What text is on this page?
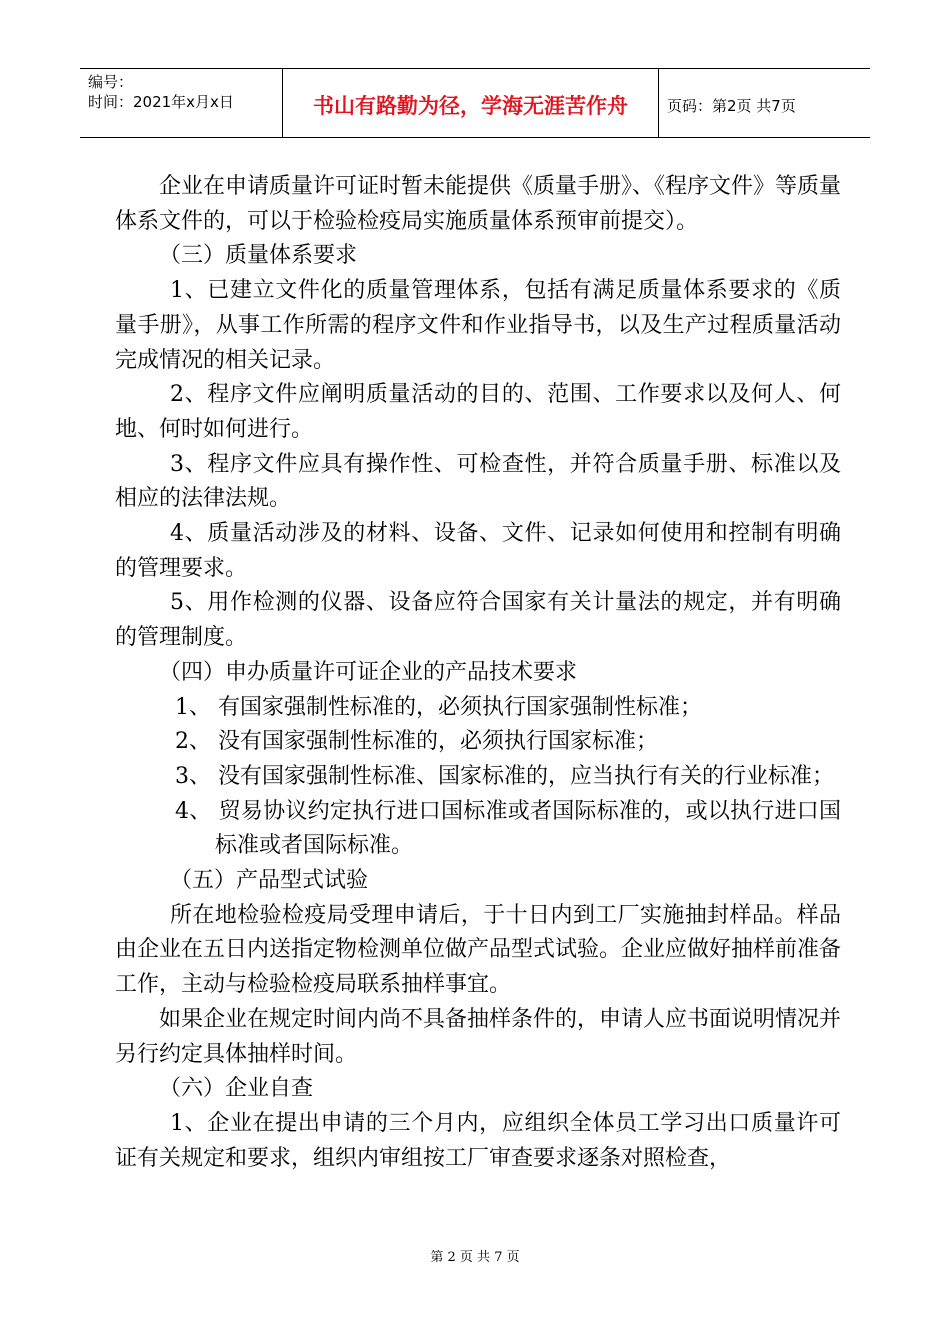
编号：
时间：2021年x月x日	书山有路勤为径，学海无涯苦作舟	页码：第2页 共7页

企业在申请质量许可证时暂未能提供《质量手册》、《程序文件》等质量体系文件的，可以于检验检疫局实施质量体系预审前提交）。

（三）质量体系要求

1、已建立文件化的质量管理体系，包括有满足质量体系要求的《质量手册》，从事工作所需的程序文件和作业指导书，以及生产过程质量活动完成情况的相关记录。

2、程序文件应阐明质量活动的目的、范围、工作要求以及何人、何地、何时如何进行。

3、程序文件应具有操作性、可检查性，并符合质量手册、标准以及相应的法律法规。

4、质量活动涉及的材料、设备、文件、记录如何使用和控制有明确的管理要求。

5、用作检测的仪器、设备应符合国家有关计量法的规定，并有明确的管理制度。

（四）申办质量许可证企业的产品技术要求

1、 有国家强制性标准的，必须执行国家强制性标准；

2、 没有国家强制性标准的，必须执行国家标准；

3、 没有国家强制性标准、国家标准的，应当执行有关的行业标准；

4、 贸易协议约定执行进口国标准或者国际标准的，或以执行进口国标准或者国际标准。

（五）产品型式试验

所在地检验检疫局受理申请后，于十日内到工厂实施抽封样品。样品由企业在五日内送指定物检测单位做产品型式试验。企业应做好抽样前准备工作，主动与检验检疫局联系抽样事宜。

如果企业在规定时间内尚不具备抽样条件的，申请人应书面说明情况并另行约定具体抽样时间。

（六）企业自查

1、企业在提出申请的三个月内，应组织全体员工学习出口质量许可证有关规定和要求，组织内审组按工厂审查要求逐条对照检查，

第 2 页 共 7 页
